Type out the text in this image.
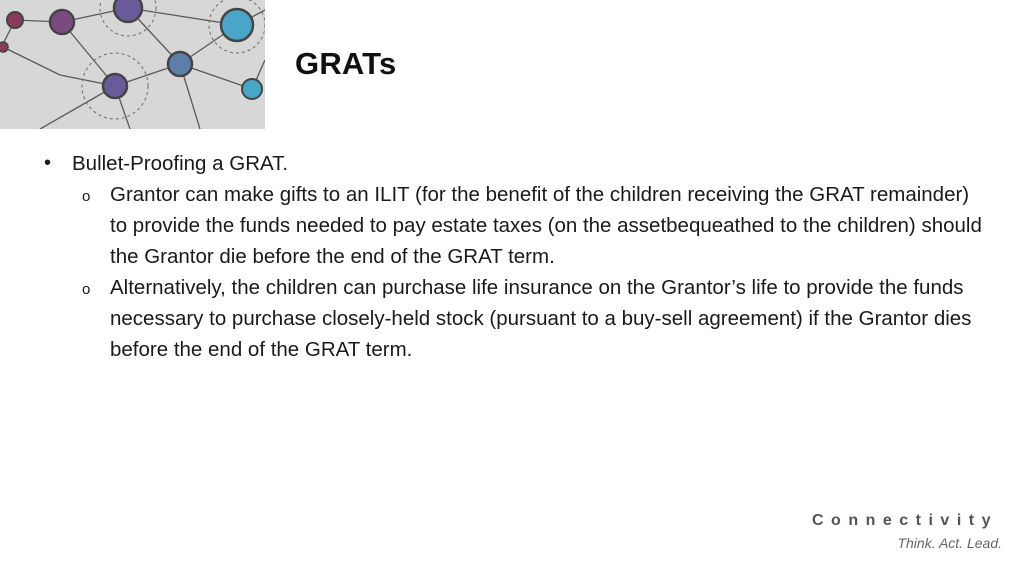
GRATs
•	Bullet-Proofing a GRAT.
o Grantor can make gifts to an ILIT (for the benefit of the children receiving the GRAT remainder) to provide the funds needed to pay estate taxes (on the assetbequeathed to the children) should the Grantor die before the end of the GRAT term.
o Alternatively, the children can purchase life insurance on the Grantor’s life to provide the funds necessary to purchase closely-held stock (pursuant to a buy-sell agreement) if the Grantor dies before the end of the GRAT term.
Connectivity
Think. Act. Lead.
